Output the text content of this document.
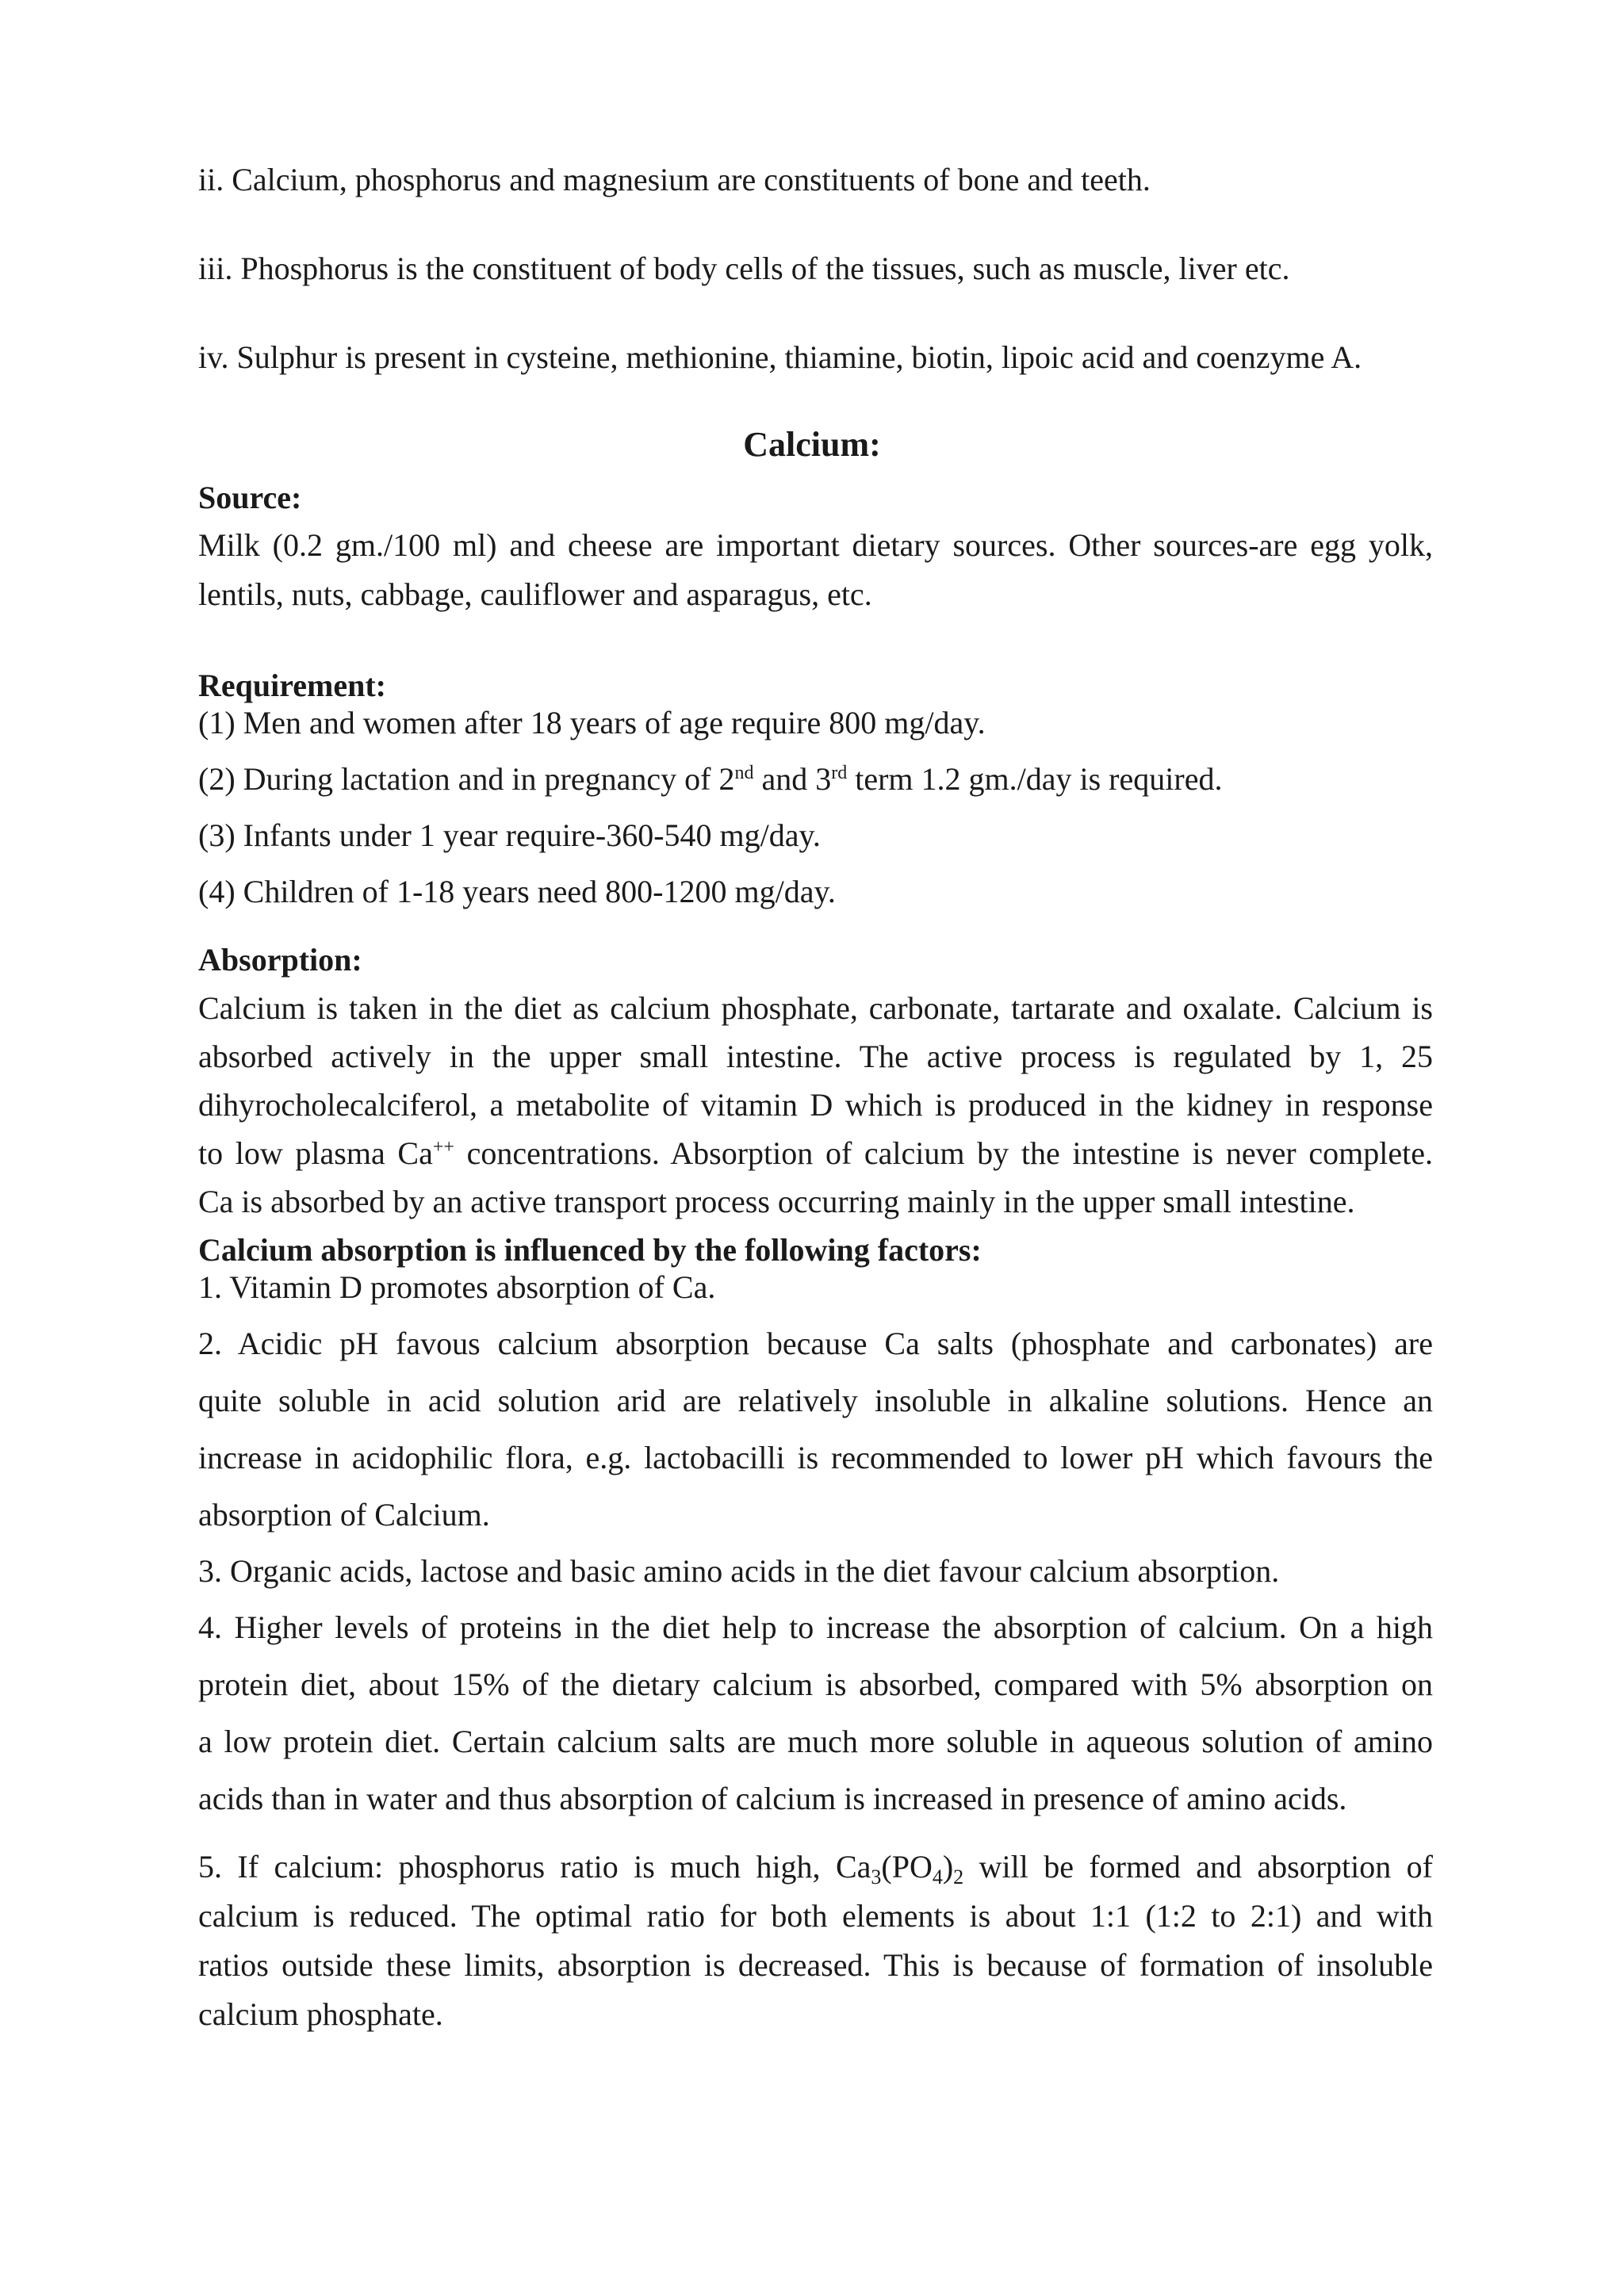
ii. Calcium, phosphorus and magnesium are constituents of bone and teeth.

iii. Phosphorus is the constituent of body cells of the tissues, such as muscle, liver etc.

iv. Sulphur is present in cysteine, methionine, thiamine, biotin, lipoic acid and coenzyme A.

Calcium:
Source:
Milk (0.2 gm./100 ml) and cheese are important dietary sources. Other sources-are egg yolk,
lentils, nuts, cabbage, cauliflower and asparagus, etc.
Requirement:
(1) Men and women after 18 years of age require 800 mg/day.
(2) During lactation and in pregnancy of 2nd and 3rd term 1.2 gm./day is required.
(3) Infants under 1 year require-360-540 mg/day.
(4) Children of 1-18 years need 800-1200 mg/day.
Absorption:
Calcium is taken in the diet as calcium phosphate, carbonate, tartarate and oxalate. Calcium is
absorbed actively in the upper small intestine. The active process is regulated by 1, 25
dihyrocholecalciferol, a metabolite of vitamin D which is produced in the kidney in response
to low plasma Ca++ concentrations. Absorption of calcium by the intestine is never complete.
Ca is absorbed by an active transport process occurring mainly in the upper small intestine.
Calcium absorption is influenced by the following factors:
1. Vitamin D promotes absorption of Ca.
2. Acidic pH favous calcium absorption because Ca salts (phosphate and carbonates) are
quite soluble in acid solution arid are relatively insoluble in alkaline solutions. Hence an
increase in acidophilic flora, e.g. lactobacilli is recommended to lower pH which favours the
absorption of Calcium.
3. Organic acids, lactose and basic amino acids in the diet favour calcium absorption.
4. Higher levels of proteins in the diet help to increase the absorption of calcium. On a high
protein diet, about 15% of the dietary calcium is absorbed, compared with 5% absorption on
a low protein diet. Certain calcium salts are much more soluble in aqueous solution of amino
acids than in water and thus absorption of calcium is increased in presence of amino acids.
5. If calcium: phosphorus ratio is much high, $Ca_3(PO_4)_2$ will be formed and absorption of
calcium is reduced. The optimal ratio for both elements is about 1:1 (1:2 to 2:1) and with
ratios outside these limits, absorption is decreased. This is because of formation of insoluble
calcium phosphate.
